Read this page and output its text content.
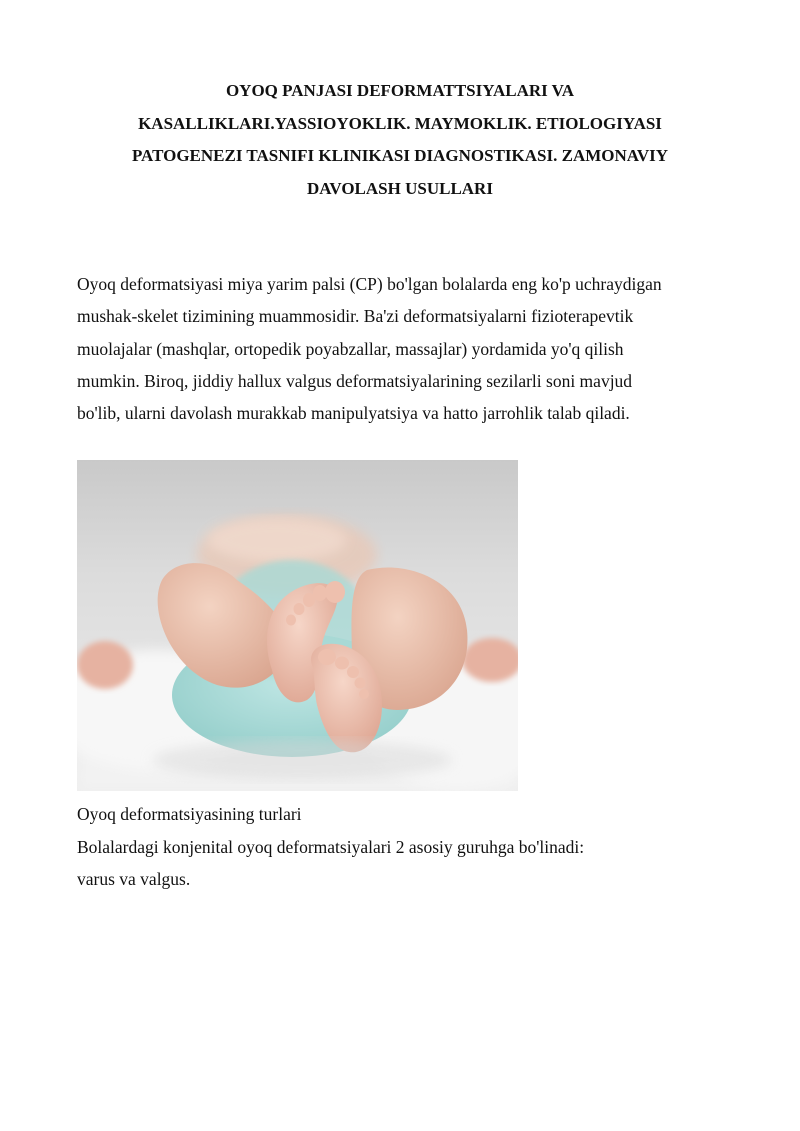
OYOQ PANJASI DEFORMATTSIYALARI VA
KASALLIKLARI.YASSIOYOKLIK. MAYMOKLIK. ETIOLOGIYASI
PATOGENEZI TASNIFI KLINIKASI DIAGNOSTIKASI. ZAMONAVIY
DAVOLASH USULLARI

Oyoq deformatsiyasi miya yarim palsi (CP) bo'lgan bolalarda eng ko'p uchraydigan
mushak-skelet tizimining muammosidir. Ba'zi deformatsiyalarni fizioterapevtik
muolajalar (mashqlar, ortopedik poyabzallar, massajlar) yordamida yo'q qilish
mumkin. Biroq, jiddiy hallux valgus deformatsiyalarining sezilarli soni mavjud
bo'lib, ularni davolash murakkab manipulyatsiya va hatto jarrohlik talab qiladi.

Oyoq deformatsiyasining turlari
Bolalardagi konjenital oyoq deformatsiyalari 2 asosiy guruhga bo'linadi:
varus va valgus.
